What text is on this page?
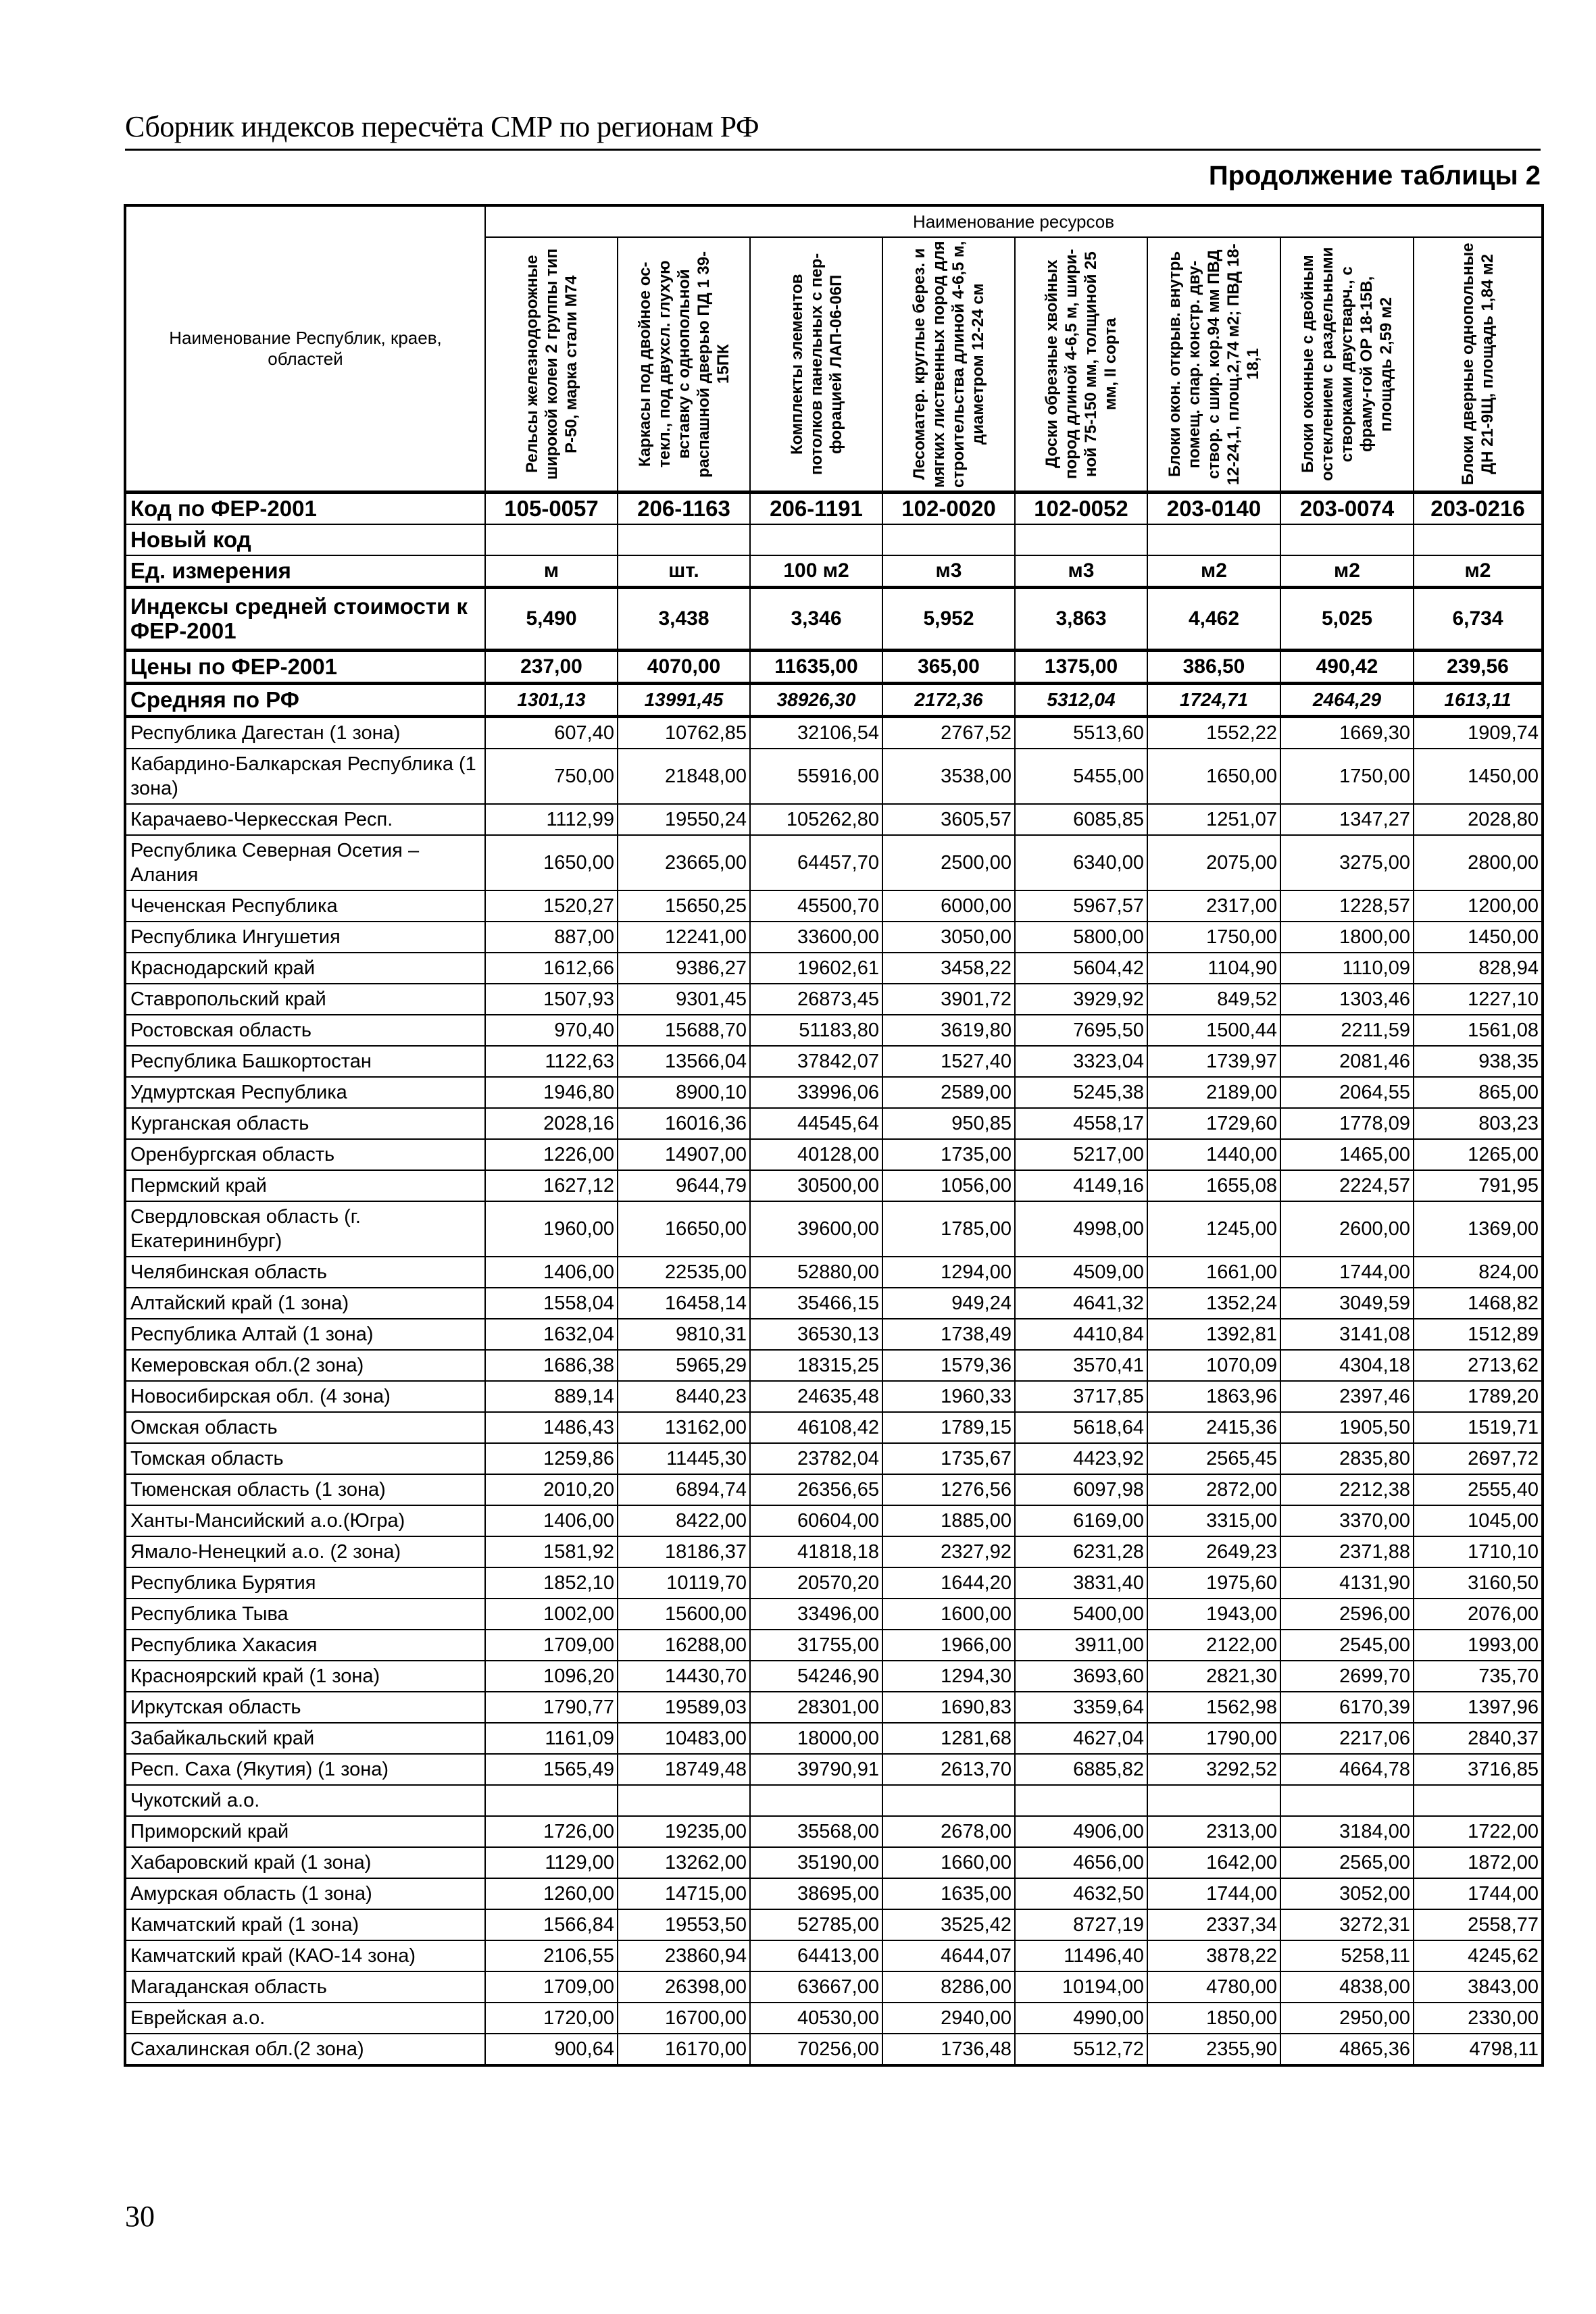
Сборник индексов пересчёта СМР по регионам РФ
Продолжение таблицы 2
Наименование Республик, краев, областей	Наименование ресурсов							

	Рельсы железнодорожные широкой колеи 2 группы тип Р-50, марка стали М74	Каркасы под двойное ос-текл., под двухсл. глухую вставку с однопольной распашной дверью ПД 1 39-15ПК	Комплекты элементов потолков панельных с пер-форацией ЛАП-06-06П	Лесоматер. круглые берез. и мягких лиственных пород для строительства длиной 4-6,5 м, диаметром 12-24 см	Доски обрезные хвойных пород длиной 4-6,5 м, шири-ной 75-150 мм, толщиной 25 мм, II сорта	Блоки окон. открыв. внутрь помещ. спар. констр. дву-створ. с шир. кор.94 мм ПВД 12-24,1, площ.2,74 м2; ПВД 18-18,1	Блоки оконные с двойным остеклением с раздельными створками двустварч., с фраму-гой ОР 18-15В, площадь 2,59 м2	Блоки дверные однопольные ДН 21-9Щ, площадь 1,84 м2

Код по ФЕР-2001	105-0057	206-1163	206-1191	102-0020	102-0052	203-0140	203-0074	203-0216
Новый код								
Ед. измерения	м	шт.	100 м2	м3	м3	м2	м2	м2
Индексы средней стоимости к ФЕР-2001	5,490	3,438	3,346	5,952	3,863	4,462	5,025	6,734
Цены по ФЕР-2001	237,00	4070,00	11635,00	365,00	1375,00	386,50	490,42	239,56
Средняя по РФ	1301,13	13991,45	38926,30	2172,36	5312,04	1724,71	2464,29	1613,11
Республика Дагестан (1 зона)	607,40	10762,85	32106,54	2767,52	5513,60	1552,22	1669,30	1909,74
Кабардино-Балкарская Республика (1 зона)	750,00	21848,00	55916,00	3538,00	5455,00	1650,00	1750,00	1450,00
Карачаево-Черкесская Респ.	1112,99	19550,24	105262,80	3605,57	6085,85	1251,07	1347,27	2028,80
Республика Северная Осетия – Алания	1650,00	23665,00	64457,70	2500,00	6340,00	2075,00	3275,00	2800,00
Чеченская Республика	1520,27	15650,25	45500,70	6000,00	5967,57	2317,00	1228,57	1200,00
Республика Ингушетия	887,00	12241,00	33600,00	3050,00	5800,00	1750,00	1800,00	1450,00
Краснодарский край	1612,66	9386,27	19602,61	3458,22	5604,42	1104,90	1110,09	828,94
Ставропольский край	1507,93	9301,45	26873,45	3901,72	3929,92	849,52	1303,46	1227,10
Ростовская область	970,40	15688,70	51183,80	3619,80	7695,50	1500,44	2211,59	1561,08
Республика Башкортостан	1122,63	13566,04	37842,07	1527,40	3323,04	1739,97	2081,46	938,35
Удмуртская Республика	1946,80	8900,10	33996,06	2589,00	5245,38	2189,00	2064,55	865,00
Курганская область	2028,16	16016,36	44545,64	950,85	4558,17	1729,60	1778,09	803,23
Оренбургская область	1226,00	14907,00	40128,00	1735,00	5217,00	1440,00	1465,00	1265,00
Пермский край	1627,12	9644,79	30500,00	1056,00	4149,16	1655,08	2224,57	791,95
Свердловская область (г. Екатерининбург)	1960,00	16650,00	39600,00	1785,00	4998,00	1245,00	2600,00	1369,00
Челябинская область	1406,00	22535,00	52880,00	1294,00	4509,00	1661,00	1744,00	824,00
Алтайский край (1 зона)	1558,04	16458,14	35466,15	949,24	4641,32	1352,24	3049,59	1468,82
Республика Алтай (1 зона)	1632,04	9810,31	36530,13	1738,49	4410,84	1392,81	3141,08	1512,89
Кемеровская обл.(2 зона)	1686,38	5965,29	18315,25	1579,36	3570,41	1070,09	4304,18	2713,62
Новосибирская обл. (4 зона)	889,14	8440,23	24635,48	1960,33	3717,85	1863,96	2397,46	1789,20
Омская область	1486,43	13162,00	46108,42	1789,15	5618,64	2415,36	1905,50	1519,71
Томская область	1259,86	11445,30	23782,04	1735,67	4423,92	2565,45	2835,80	2697,72
Тюменская область (1 зона)	2010,20	6894,74	26356,65	1276,56	6097,98	2872,00	2212,38	2555,40
Ханты-Мансийский а.о.(Югра)	1406,00	8422,00	60604,00	1885,00	6169,00	3315,00	3370,00	1045,00
Ямало-Ненецкий а.о. (2 зона)	1581,92	18186,37	41818,18	2327,92	6231,28	2649,23	2371,88	1710,10
Республика Бурятия	1852,10	10119,70	20570,20	1644,20	3831,40	1975,60	4131,90	3160,50
Республика Тыва	1002,00	15600,00	33496,00	1600,00	5400,00	1943,00	2596,00	2076,00
Республика Хакасия	1709,00	16288,00	31755,00	1966,00	3911,00	2122,00	2545,00	1993,00
Красноярский край (1 зона)	1096,20	14430,70	54246,90	1294,30	3693,60	2821,30	2699,70	735,70
Иркутская область	1790,77	19589,03	28301,00	1690,83	3359,64	1562,98	6170,39	1397,96
Забайкальский край	1161,09	10483,00	18000,00	1281,68	4627,04	1790,00	2217,06	2840,37
Респ. Саха (Якутия) (1 зона)	1565,49	18749,48	39790,91	2613,70	6885,82	3292,52	4664,78	3716,85
Чукотский а.о.								
Приморский край	1726,00	19235,00	35568,00	2678,00	4906,00	2313,00	3184,00	1722,00
Хабаровский край (1 зона)	1129,00	13262,00	35190,00	1660,00	4656,00	1642,00	2565,00	1872,00
Амурская область (1 зона)	1260,00	14715,00	38695,00	1635,00	4632,50	1744,00	3052,00	1744,00
Камчатский край (1 зона)	1566,84	19553,50	52785,00	3525,42	8727,19	2337,34	3272,31	2558,77
Камчатский край (КАО-14 зона)	2106,55	23860,94	64413,00	4644,07	11496,40	3878,22	5258,11	4245,62
Магаданская область	1709,00	26398,00	63667,00	8286,00	10194,00	4780,00	4838,00	3843,00
Еврейская а.о.	1720,00	16700,00	40530,00	2940,00	4990,00	1850,00	2950,00	2330,00
Сахалинская обл.(2 зона)	900,64	16170,00	70256,00	1736,48	5512,72	2355,90	4865,36	4798,11
30
